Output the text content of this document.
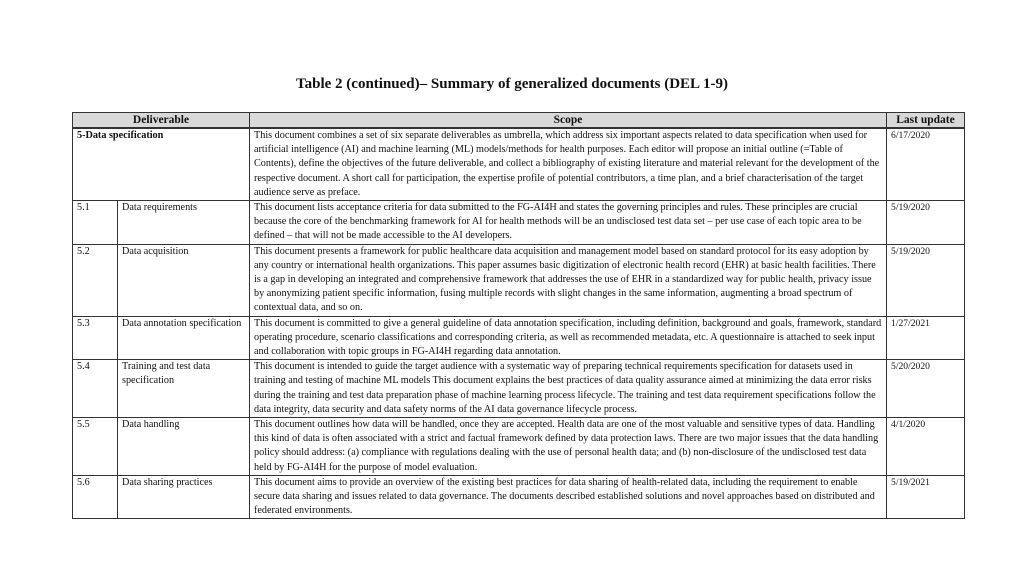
Table 2 (continued)– Summary of generalized documents (DEL 1-9)
Deliverable		Scope	Last update
5-Data specification		This document combines a set of six separate deliverables as umbrella, which address six important aspects related to data specification when used for artificial intelligence (AI) and machine learning (ML) models/methods for health purposes. Each editor will propose an initial outline (=Table of Contents), define the objectives of the future deliverable, and collect a bibliography of existing literature and material relevant for the development of the respective document. A short call for participation, the expertise profile of potential contributors, a time plan, and a brief characterisation of the target audience serve as preface.	6/17/2020
5.1	Data requirements	This document lists acceptance criteria for data submitted to the FG-AI4H and states the governing principles and rules. These principles are crucial because the core of the benchmarking framework for AI for health methods will be an undisclosed test data set – per use case of each topic area to be defined – that will not be made accessible to the AI developers.	5/19/2020
5.2	Data acquisition	This document presents a framework for public healthcare data acquisition and management model based on standard protocol for its easy adoption by any country or international health organizations. This paper assumes basic digitization of electronic health record (EHR) at basic health facilities. There is a gap in developing an integrated and comprehensive framework that addresses the use of EHR in a standardized way for public health, privacy issue by anonymizing patient specific information, fusing multiple records with slight changes in the same information, augmenting a broad spectrum of contextual data, and so on.	5/19/2020
5.3	Data annotation specification	This document is committed to give a general guideline of data annotation specification, including definition, background and goals, framework, standard operating procedure, scenario classifications and corresponding criteria, as well as recommended metadata, etc. A questionnaire is attached to seek input and collaboration with topic groups in FG-AI4H regarding data annotation.	1/27/2021
5.4	Training and test data specification	This document is intended to guide the target audience with a systematic way of preparing technical requirements specification for datasets used in training and testing of machine ML models This document explains the best practices of data quality assurance aimed at minimizing the data error risks during the training and test data preparation phase of machine learning process lifecycle. The training and test data requirement specifications follow the data integrity, data security and data safety norms of the AI data governance lifecycle process.	5/20/2020
5.5	Data handling	This document outlines how data will be handled, once they are accepted. Health data are one of the most valuable and sensitive types of data. Handling this kind of data is often associated with a strict and factual framework defined by data protection laws. There are two major issues that the data handling policy should address: (a) compliance with regulations dealing with the use of personal health data; and (b) non-disclosure of the undisclosed test data held by FG-AI4H for the purpose of model evaluation.	4/1/2020
5.6	Data sharing practices	This document aims to provide an overview of the existing best practices for data sharing of health-related data, including the requirement to enable secure data sharing and issues related to data governance. The documents described established solutions and novel approaches based on distributed and federated environments.	5/19/2021
